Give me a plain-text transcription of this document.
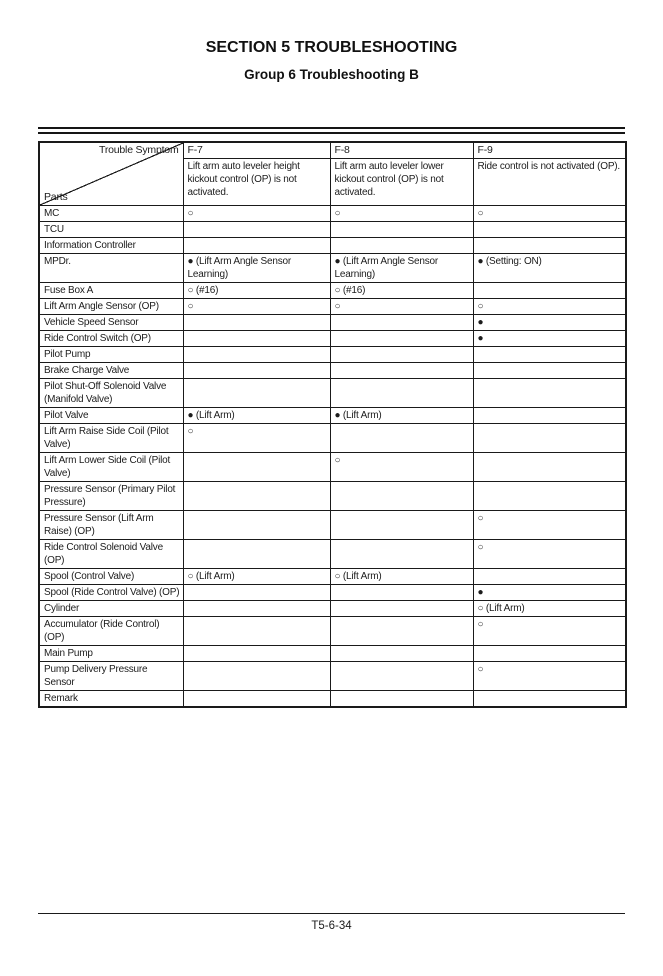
SECTION 5 TROUBLESHOOTING
Group 6 Troubleshooting B
Trouble Symptom
Parts	F-7	F-8	F-9
	Lift arm auto leveler height kickout control (OP) is not activated.	Lift arm auto leveler lower kickout control (OP) is not activated.	Ride control is not activated (OP).
MC	○	○	○
TCU			
Information Controller			
MPDr.	● (Lift Arm Angle Sensor Learning)	● (Lift Arm Angle Sensor Learning)	● (Setting: ON)
Fuse Box A	○ (#16)	○ (#16)	
Lift Arm Angle Sensor (OP)	○	○	○
Vehicle Speed Sensor			●
Ride Control Switch (OP)			●
Pilot Pump			
Brake Charge Valve			
Pilot Shut-Off Solenoid Valve (Manifold Valve)			
Pilot Valve	● (Lift Arm)	● (Lift Arm)	
Lift Arm Raise Side Coil (Pilot Valve)	○		
Lift Arm Lower Side Coil (Pilot Valve)		○	
Pressure Sensor (Primary Pilot Pressure)			
Pressure Sensor (Lift Arm Raise) (OP)			○
Ride Control Solenoid Valve (OP)			○
Spool (Control Valve)	○ (Lift Arm)	○ (Lift Arm)	
Spool (Ride Control Valve) (OP)			●
Cylinder			○ (Lift Arm)
Accumulator (Ride Control) (OP)			○
Main Pump			
Pump Delivery Pressure Sensor			○
Remark			
T5-6-34
